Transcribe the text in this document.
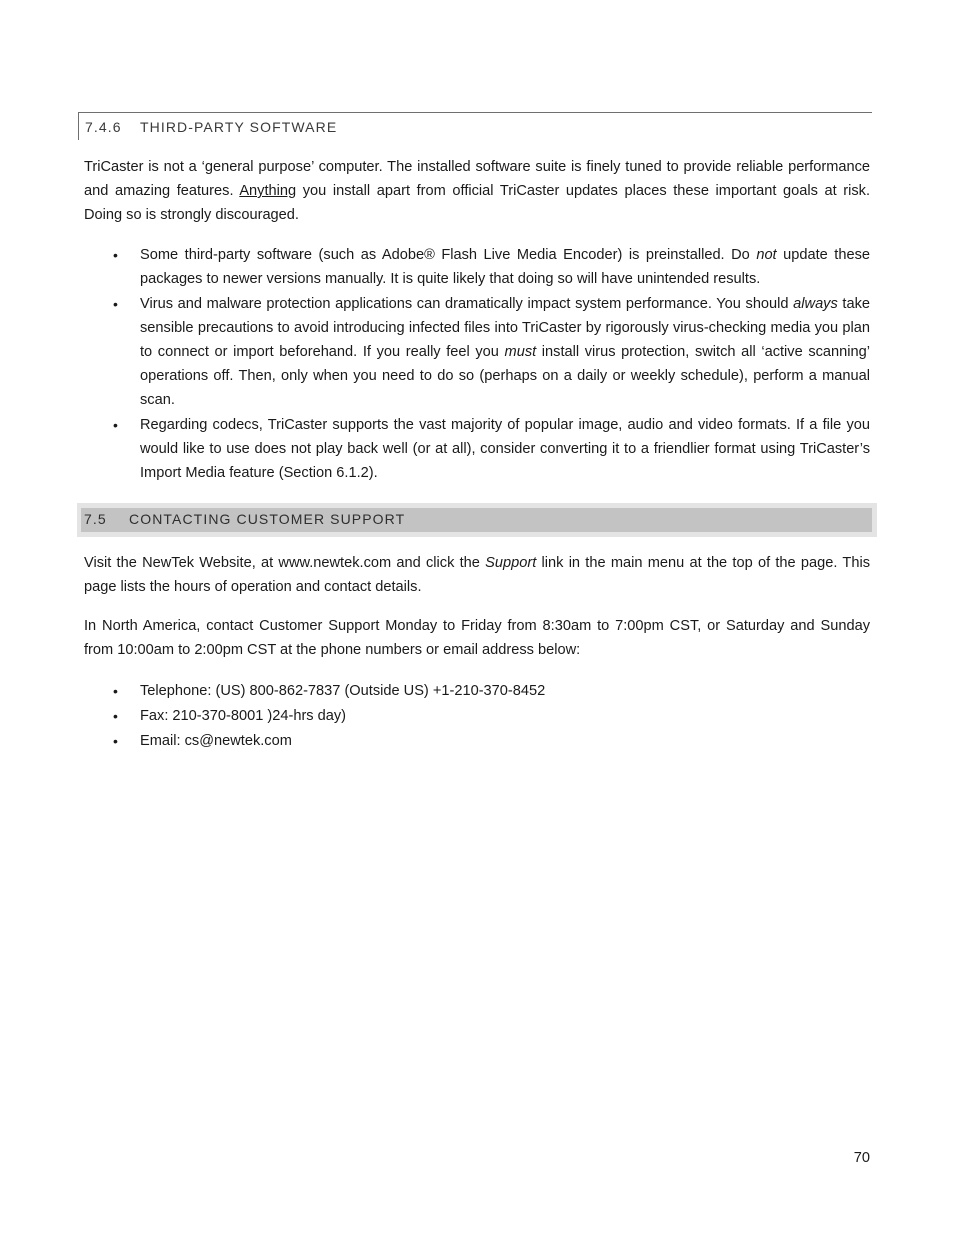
7.4.6 THIRD-PARTY SOFTWARE

TriCaster is not a ‘general purpose’ computer. The installed software suite is finely tuned to provide reliable performance and amazing features. Anything you install apart from official TriCaster updates places these important goals at risk. Doing so is strongly discouraged.

• Some third-party software (such as Adobe® Flash Live Media Encoder) is preinstalled. Do not update these packages to newer versions manually. It is quite likely that doing so will have unintended results.
• Virus and malware protection applications can dramatically impact system performance. You should always take sensible precautions to avoid introducing infected files into TriCaster by rigorously virus-checking media you plan to connect or import beforehand. If you really feel you must install virus protection, switch all ‘active scanning’ operations off. Then, only when you need to do so (perhaps on a daily or weekly schedule), perform a manual scan.
• Regarding codecs, TriCaster supports the vast majority of popular image, audio and video formats. If a file you would like to use does not play back well (or at all), consider converting it to a friendlier format using TriCaster’s Import Media feature (Section 6.1.2).
7.5 CONTACTING CUSTOMER SUPPORT

Visit the NewTek Website, at www.newtek.com and click the Support link in the main menu at the top of the page. This page lists the hours of operation and contact details.

In North America, contact Customer Support Monday to Friday from 8:30am to 7:00pm CST, or Saturday and Sunday from 10:00am to 2:00pm CST at the phone numbers or email address below:

• Telephone: (US) 800-862-7837 (Outside US) +1-210-370-8452
• Fax: 210-370-8001 )24-hrs day)
• Email: cs@newtek.com
70
